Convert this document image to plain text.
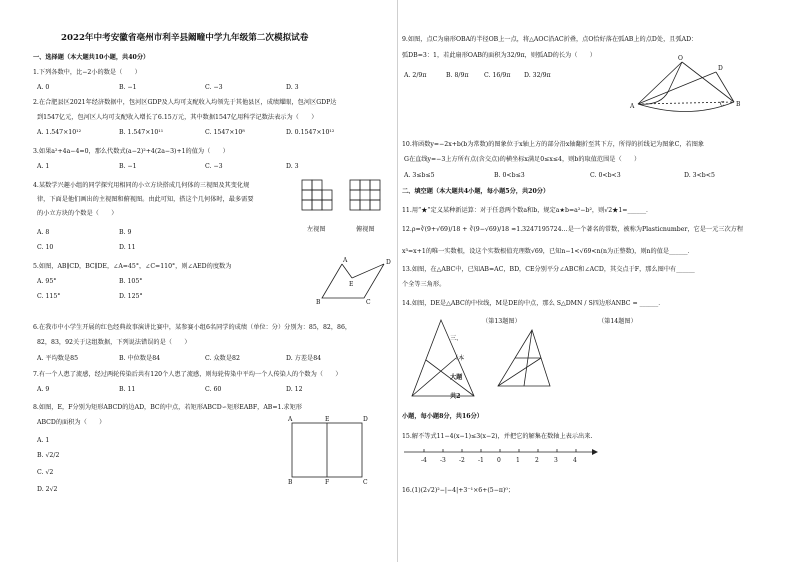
2022年中考安徽省亳州市利辛县阚疃中学九年级第二次模拟试卷
一、选择题（本大题共10小题，共40分）
1.下列各数中，比−2小的数是（　　）
A. 0	B. −1	C. −3	D. 3
2.在合肥县区2021年经济数据中，包河区GDP及人均可支配收入均领先于其他县区，成绩耀眼，包河区GDP达
到1547亿元，包河区人均可支配收入增长了6.15万元，其中数据1547亿用科学记数法表示为（　　）
A. 1.547×10¹²	B. 1.547×10¹¹	C. 1547×10⁸	D. 0.1547×10¹²
3.如果a²+4a−4=0，那么代数式(a−2)²+4(2a−3)+1的值为（　　）
A. 1	B. −1	C. −3	D. 3
4.某数学兴趣小组的同学探究用相同的小立方块搭成几何体的三视图及其变化规
律，下面是他们画出的主视图和俯视图。由此可知，搭这个几何体时，最多需要
的小立方块的个数是（　　）
A. 8	B. 9
C. 10	D. 11
左视图	俯视图
5.如图，AB∥CD，BC∥DE，∠A=45°，∠C=110°，则∠AED的度数为
A. 95°	B. 105°
C. 115°	D. 125°
A
B	C
D
E
6.在我市中小学生开展的红色经典故事演讲比赛中，某参赛小组6名同学的成绩（单位：分）分别为：85，82，86，
82，83，92关于这组数据，下列说法错误的是（　　）
A. 平均数是85	B. 中位数是84	C. 众数是82	D. 方差是84
7.有一个人患了流感，经过两轮传染后共有120个人患了流感，则每轮传染中平均一个人传染人的个数为（　　）
A. 9	B. 11	C. 60	D. 12
8.如图，E，F分别为矩形ABCD的边AD，BC的中点，若矩形ABCD∽矩形EABF，AB=1.求矩形
ABCD的面积为（　　）
A. 1
B. √2/2
C. √2
D. 2√2
A	E	D
B	F	C
9.如图，点C为扇形OBA的半径OB上一点，将△AOC沿AC折叠，点O恰好落在弧AB上的点D处，且弧AD：
弧DB=3：1，若此扇形OAB的面积为32/9π，则弧AD的长为（　　）
A. 2/9π	B. 8/9π C. 16/9π D. 32/9π
O
D
A	C B
10.将函数y=−2x+b(b为常数)的图象位于x轴上方的部分沿x轴翻折至其下方，所得的折线记为图象C，若图象
G在直线y=−3上方所有点(含交点)的横坐标x满足0≤x≤4，则b的取值范围是（　　）
A. 3≤b≤5	B. 0<b≤3	C. 0<b<3	D. 3<b<5
二、填空题（本大题共4小题，每小题5分，共20分）
11.用“★”定义某种新运算：对于任意两个数a和b，规定a★b=a²−b²，则√2★1=______．
12.ρ=∛(9+√69)/18 + ∛(9−√69)/18 ≈1.3247195724…是一个著名的常数，被称为Plasticnumber，它是一元三次方程
x³=x+1的唯一实数根，设这个实数根值充理数√69，已知n−1<√69<n(n为正整数)，则n的值是______．
13.如图，在△ABC中，已知AB=AC，BD，CE分别平分∠ABC和∠ACD，其交点于F，那么图中有______
个全等三角形。
14.如图，DE是△ABC的中位线，M是DE的中点，那么 S△DMN / S四边形ANBC = ______．
三、
（本
大题
共2
（第13题图）	（第14题图）
小题，每小题8分，共16分）
15.解不等式11−4(x−1)≤3(x−2)，并把它的解集在数轴上表示出来.
-4 -3 -2 -1 0	1	2	3	4
16.(1)(2√2)²−|−4|+3⁻¹×6+(5−π)⁰；
